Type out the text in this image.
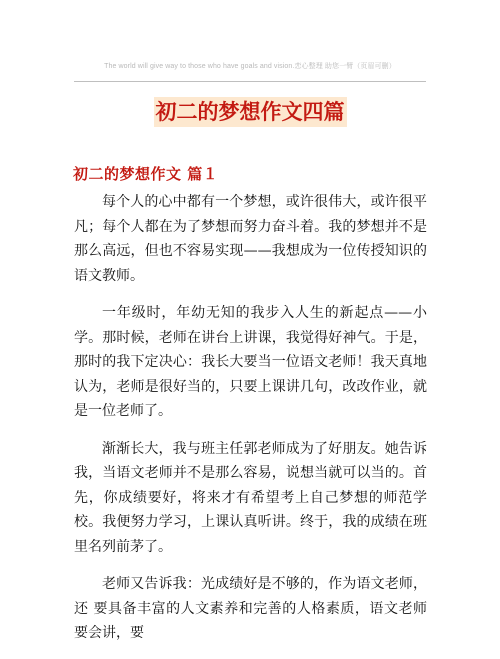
The world will give way to those who have goals and vision.恋心整理 助您一臂（页眉可删）
初二的梦想作文四篇
初二的梦想作文 篇１

每个人的心中都有一个梦想，或许很伟大，或许很平凡；每个人都在为了梦想而努力奋斗着。我的梦想并不是那么高远，但也不容易实现——我想成为一位传授知识的语文教师。

一年级时，年幼无知的我步入人生的新起点——小学。那时候，老师在讲台上讲课，我觉得好神气。于是，那时的我下定决心：我长大要当一位语文老师！我天真地认为，老师是很好当的，只要上课讲几句，改改作业，就是一位老师了。

渐渐长大，我与班主任郭老师成为了好朋友。她告诉我，当语文老师并不是那么容易，说想当就可以当的。首先，你成绩要好，将来才有希望考上自己梦想的师范学校。我便努力学习，上课认真听讲。终于，我的成绩在班里名列前茅了。

老师又告诉我：光成绩好是不够的，作为语文老师，还 要具备丰富的人文素养和完善的人格素质，语文老师要会讲，要
